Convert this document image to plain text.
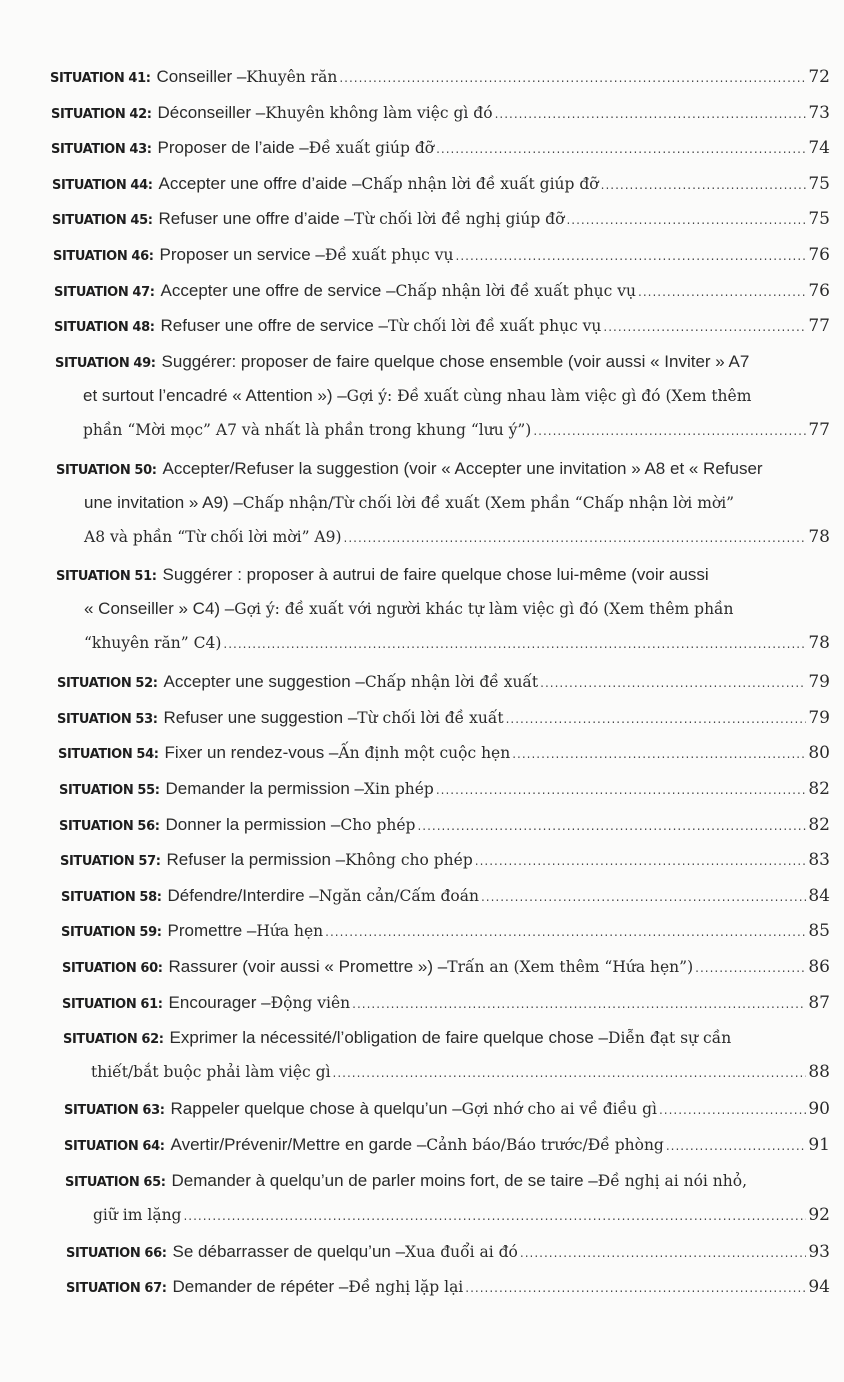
SITUATION 41: Conseiller – Khuyên răn .....	72
SITUATION 42: Déconseiller – Khuyên không làm việc gì đó .....	73
SITUATION 43: Proposer de l’aide – Đề xuất giúp đỡ .....	74
SITUATION 44: Accepter une offre d’aide – Chấp nhận lời đề xuất giúp đỡ .....	75
SITUATION 45: Refuser une offre d’aide – Từ chối lời đề nghị giúp đỡ .....	75
SITUATION 46: Proposer un service – Đề xuất phục vụ .....	76
SITUATION 47: Accepter une offre de service – Chấp nhận lời đề xuất phục vụ .....	76
SITUATION 48: Refuser une offre de service – Từ chối lời đề xuất phục vụ .....	77
SITUATION 49: Suggérer: proposer de faire quelque chose ensemble (voir aussi « Inviter » A7
et surtout l’encadré « Attention ») – Gợi ý: Đề xuất cùng nhau làm việc gì đó (Xem thêm
phần “Mời mọc” A7 và nhất là phần trong khung “lưu ý”) .....	77
SITUATION 50: Accepter/Refuser la suggestion (voir « Accepter une invitation » A8 et « Refuser
une invitation » A9) – Chấp nhận/Từ chối lời đề xuất (Xem phần “Chấp nhận lời mời”
A8 và phần “Từ chối lời mời” A9) .....	78
SITUATION 51: Suggérer : proposer à autrui de faire quelque chose lui-même (voir aussi
« Conseiller » C4) – Gợi ý: đề xuất với người khác tự làm việc gì đó (Xem thêm phần
“khuyên răn” C4) .....	78
SITUATION 52: Accepter une suggestion – Chấp nhận lời đề xuất .....	79
SITUATION 53: Refuser une suggestion – Từ chối lời đề xuất .....	79
SITUATION 54: Fixer un rendez-vous – Ấn định một cuộc hẹn .....	80
SITUATION 55: Demander la permission – Xin phép .....	82
SITUATION 56: Donner la permission – Cho phép .....	82
SITUATION 57: Refuser la permission – Không cho phép .....	83
SITUATION 58: Défendre/Interdire – Ngăn cản/Cấm đoán .....	84
SITUATION 59: Promettre – Hứa hẹn .....	85
SITUATION 60: Rassurer (voir aussi « Promettre ») – Trấn an (Xem thêm “Hứa hẹn”) .....	86
SITUATION 61: Encourager – Động viên .....	87
SITUATION 62: Exprimer la nécessité/l’obligation de faire quelque chose – Diễn đạt sự cần
thiết/bắt buộc phải làm việc gì .....	88
SITUATION 63: Rappeler quelque chose à quelqu’un – Gợi nhớ cho ai về điều gì .....	90
SITUATION 64: Avertir/Prévenir/Mettre en garde – Cảnh báo/Báo trước/Đề phòng .....	91
SITUATION 65: Demander à quelqu’un de parler moins fort, de se taire – Đề nghị ai nói nhỏ,
giữ im lặng .....	92
SITUATION 66: Se débarrasser de quelqu’un – Xua đuổi ai đó .....	93
SITUATION 67: Demander de répéter – Đề nghị lặp lại .....	94
